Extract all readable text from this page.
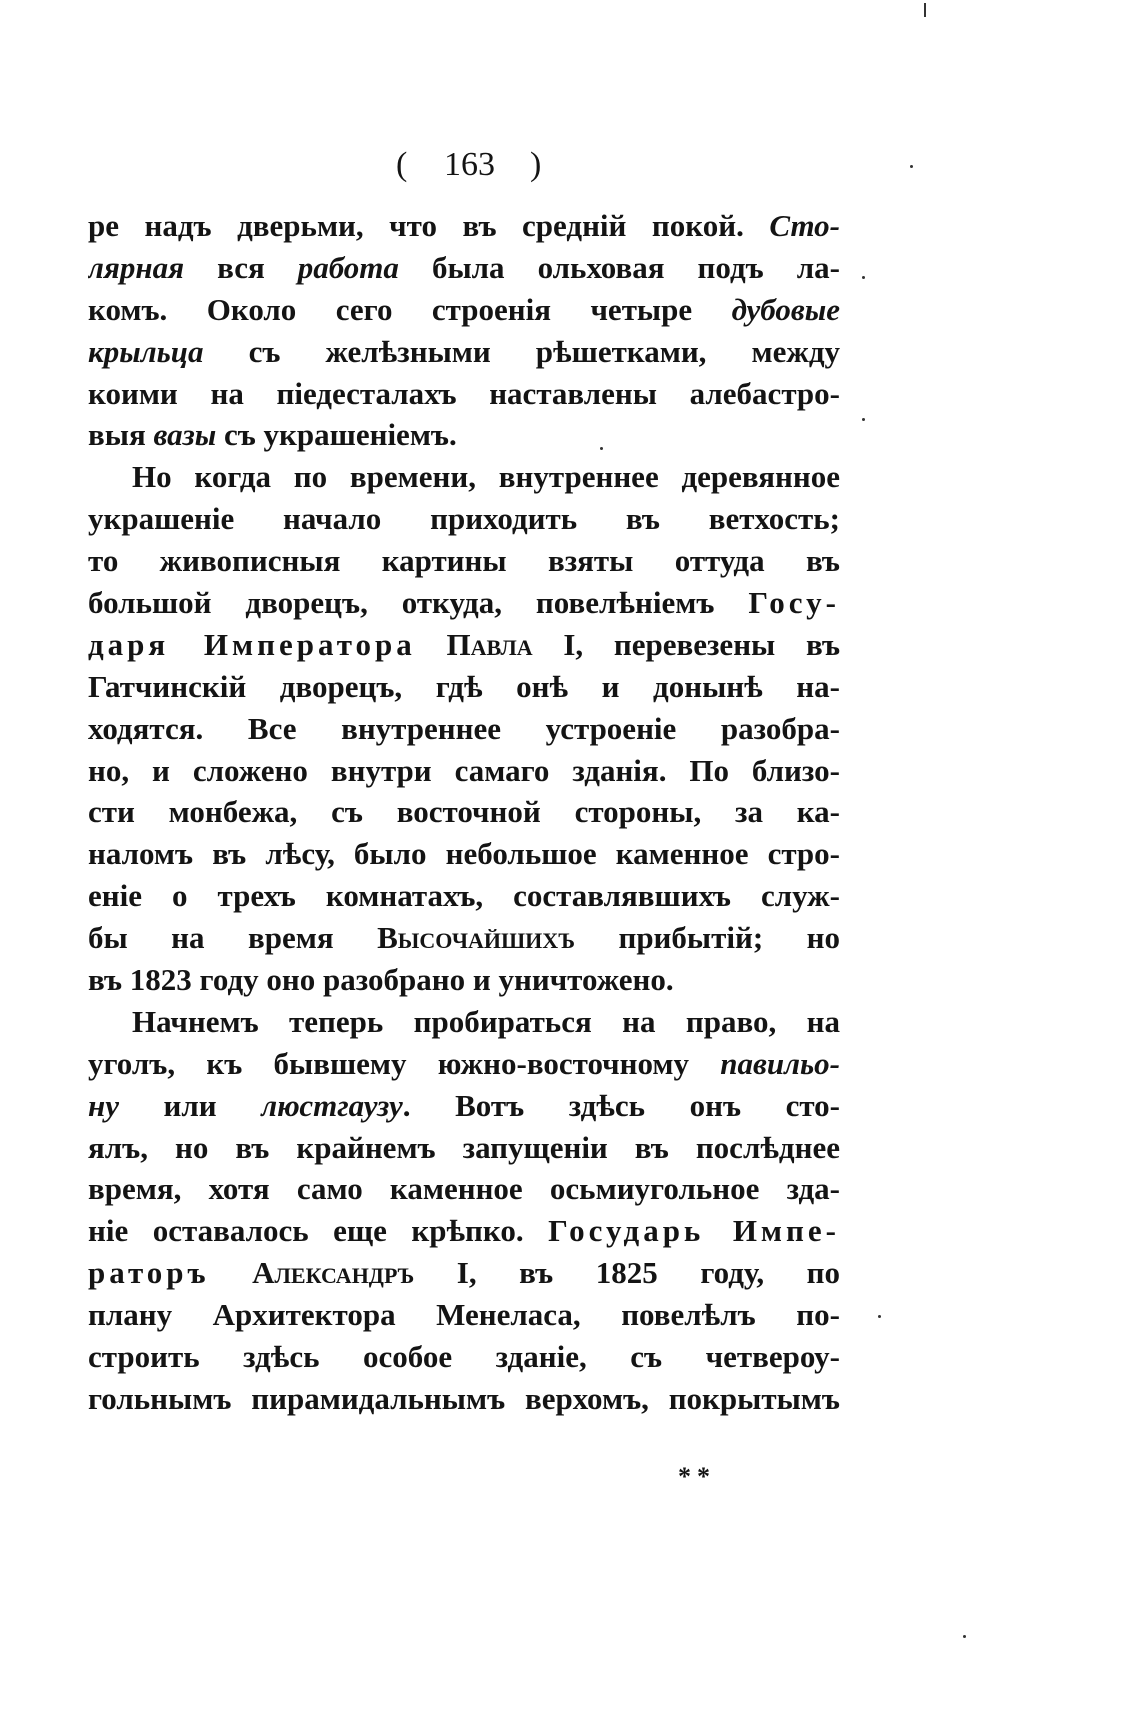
( 163 )
ре надъ дверьми, что въ средній покой. Сто-
лярная вся работа была ольховая подъ ла-
комъ. Около сего строенія четыре дубовые
крыльца съ желѣзными рѣшетками, между
коими на піедесталахъ наставлены алебастро-
выя вазы съ украшеніемъ.
Но когда по времени, внутреннее деревянное
украшеніе начало приходить въ ветхость;
то живописныя картины взяты оттуда въ
большой дворецъ, откуда, повелѣніемъ Госу-
даря Императора Павла I, перевезены въ
Гатчинскій дворецъ, гдѣ онѣ и донынѣ на-
ходятся. Все внутреннее устроеніе разобра-
но, и сложено внутри самаго зданія. По близо-
сти монбежа, съ восточной стороны, за ка-
наломъ въ лѣсу, было небольшое каменное стро-
еніе о трехъ комнатахъ, составлявшихъ служ-
бы на время Высочайшихъ прибытій; но
въ 1823 году оно разобрано и уничтожено.
Начнемъ теперь пробираться на право, на
уголъ, къ бывшему южно-восточному павильо-
ну или люстгаузу. Вотъ здѣсь онъ сто-
ялъ, но въ крайнемъ запущеніи въ послѣднее
время, хотя само каменное осьмиугольное зда-
ніе оставалось еще крѣпко. Государь Импе-
раторъ Александръ I, въ 1825 году, по
плану Архитектора Менеласа, повелѣлъ по-
строить здѣсь особое зданіе, съ четвероу-
гольнымъ пирамидальнымъ верхомъ, покрытымъ
**
